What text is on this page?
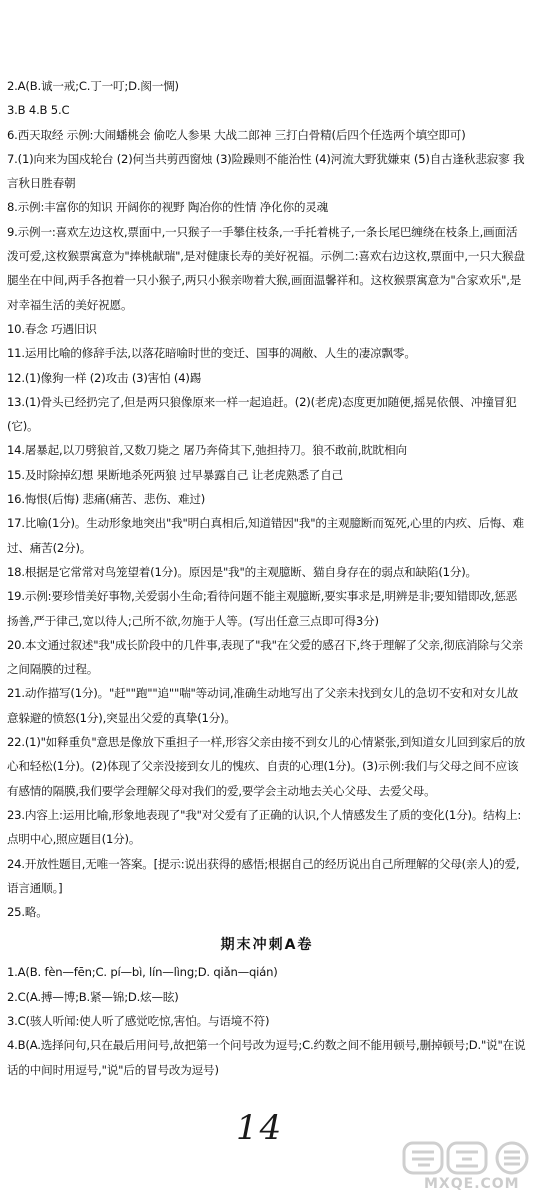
2.A(B.诚一戒;C.丁一叮;D.阂一惆)

3.B 4.B 5.C

6.西天取经 示例:大闹蟠桃会 偷吃人参果 大战二郎神 三打白骨精(后四个任选两个填空即可)

7.(1)向来为国戍轮台 (2)何当共剪西窗烛 (3)险躁则不能治性 (4)河流大野犹嫌束 (5)自古逢秋悲寂寥 我言秋日胜春朝

8.示例:丰富你的知识 开阔你的视野 陶冶你的性情 净化你的灵魂

9.示例一:喜欢左边这枚,票面中,一只猴子一手攀住枝条,一手托着桃子,一条长尾巴缠绕在枝条上,画面活泼可爱,这枚猴票寓意为"捧桃献瑞",是对健康长寿的美好祝福。示例二:喜欢右边这枚,票面中,一只大猴盘腿坐在中间,两手各抱着一只小猴子,两只小猴亲吻着大猴,画面温馨祥和。这枚猴票寓意为"合家欢乐",是对幸福生活的美好祝愿。

10.春念 巧遇旧识

11.运用比喻的修辞手法,以落花暗喻时世的变迁、国事的凋敝、人生的凄凉飘零。

12.(1)像狗一样 (2)攻击 (3)害怕 (4)踢

13.(1)骨头已经扔完了,但是两只狼像原来一样一起追赶。(2)(老虎)态度更加随便,摇晃依偎、冲撞冒犯(它)。

14.屠暴起,以刀劈狼首,又数刀毙之 屠乃奔倚其下,弛担持刀。狼不敢前,眈眈相向

15.及时除掉幻想 果断地杀死两狼 过早暴露自己 让老虎熟悉了自己

16.悔恨(后悔) 悲痛(痛苦、悲伤、难过)

17.比喻(1分)。生动形象地突出"我"明白真相后,知道错因"我"的主观臆断而冤死,心里的内疚、后悔、难过、痛苦(2分)。

18.根据是它常常对鸟笼望着(1分)。原因是"我"的主观臆断、猫自身存在的弱点和缺陷(1分)。

19.示例:要珍惜美好事物,关爱弱小生命;看待问题不能主观臆断,要实事求是,明辨是非;要知错即改,惩恶扬善,严于律己,宽以待人;己所不欲,勿施于人等。(写出任意三点即可得3分)

20.本文通过叙述"我"成长阶段中的几件事,表现了"我"在父爱的感召下,终于理解了父亲,彻底消除与父亲之间隔膜的过程。

21.动作描写(1分)。"赶""跑""追""喘"等动词,准确生动地写出了父亲未找到女儿的急切不安和对女儿故意躲避的愤怒(1分),突显出父爱的真挚(1分)。

22.(1)"如释重负"意思是像放下重担子一样,形容父亲由接不到女儿的心情紧张,到知道女儿回到家后的放心和轻松(1分)。(2)体现了父亲没接到女儿的愧疚、自责的心理(1分)。(3)示例:我们与父母之间不应该有感情的隔膜,我们要学会理解父母对我们的爱,要学会主动地去关心父母、去爱父母。

23.内容上:运用比喻,形象地表现了"我"对父爱有了正确的认识,个人情感发生了质的变化(1分)。结构上:点明中心,照应题目(1分)。

24.开放性题目,无唯一答案。[提示:说出获得的感悟;根据自己的经历说出自己所理解的父母(亲人)的爱,语言通顺。]

25.略。

期末冲刺A卷

1.A(B. fèn—fēn;C. pí—bì, lín—lìng;D. qiǎn—qián)

2.C(A.搏—博;B.紧—锦;D.炫—眩)

3.C(骇人听闻:使人听了感觉吃惊,害怕。与语境不符)

4.B(A.选择问句,只在最后用问号,故把第一个问号改为逗号;C.约数之间不能用顿号,删掉顿号;D."说"在说话的中间时用逗号,"说"后的冒号改为逗号)

14
MXQE.COM
